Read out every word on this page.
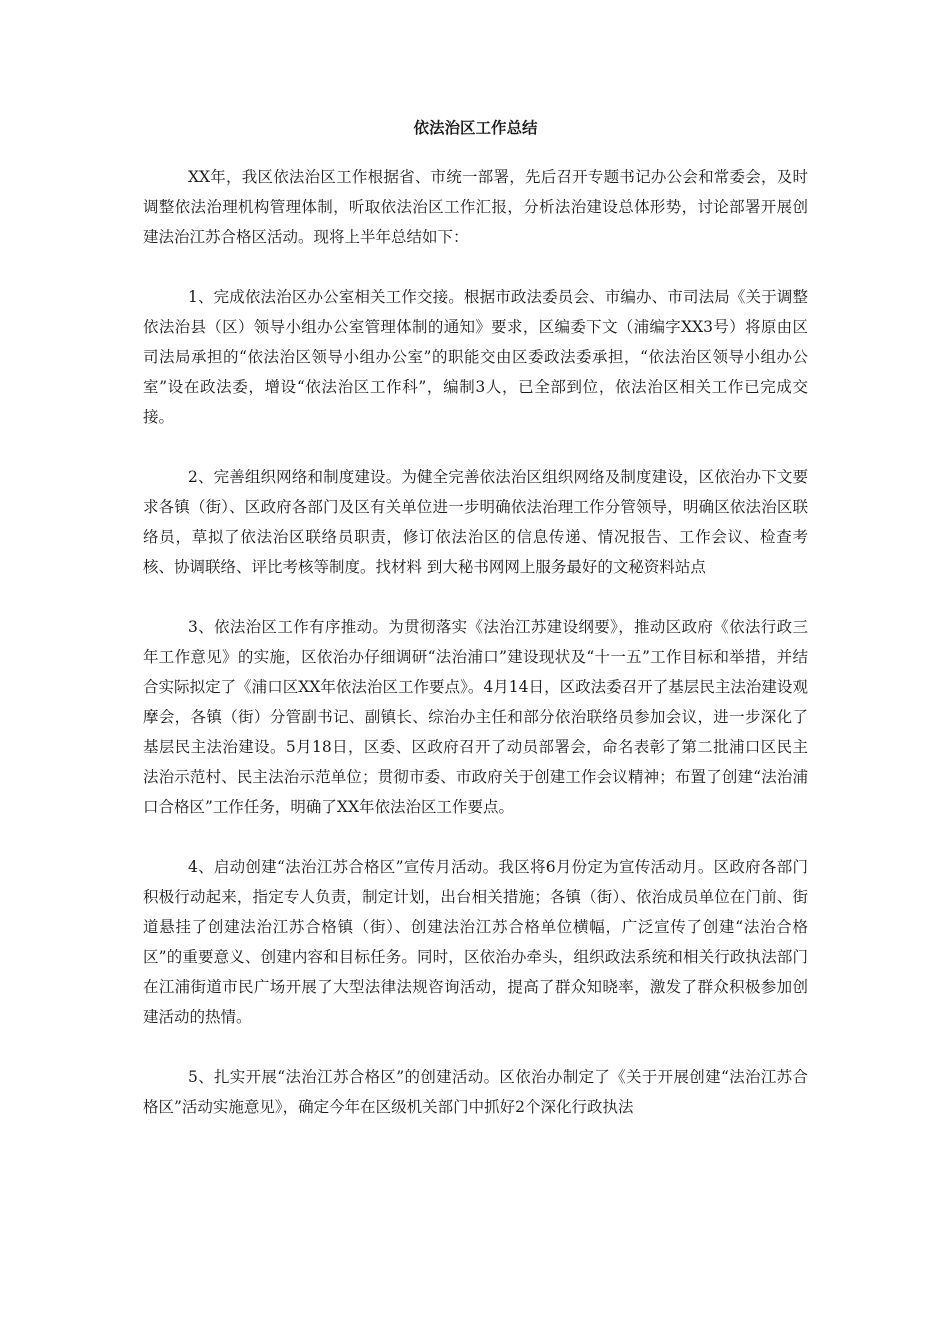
依法治区工作总结

XX年，我区依法治区工作根据省、市统一部署，先后召开专题书记办公会和常委会，及时调整依法治理机构管理体制，听取依法治区工作汇报，分析法治建设总体形势，讨论部署开展创建法治江苏合格区活动。现将上半年总结如下：

1、完成依法治区办公室相关工作交接。根据市政法委员会、市编办、市司法局《关于调整依法治县（区）领导小组办公室管理体制的通知》要求，区编委下文（浦编字XX3号）将原由区司法局承担的“依法治区领导小组办公室”的职能交由区委政法委承担，“依法治区领导小组办公室”设在政法委，增设“依法治区工作科”，编制3人，已全部到位，依法治区相关工作已完成交接。

2、完善组织网络和制度建设。为健全完善依法治区组织网络及制度建设，区依治办下文要求各镇（街）、区政府各部门及区有关单位进一步明确依法治理工作分管领导，明确区依法治区联络员，草拟了依法治区联络员职责，修订依法治区的信息传递、情况报告、工作会议、检查考核、协调联络、评比考核等制度。找材料 到大秘书网网上服务最好的文秘资料站点

3、依法治区工作有序推动。为贯彻落实《法治江苏建设纲要》，推动区政府《依法行政三年工作意见》的实施，区依治办仔细调研“法治浦口”建设现状及“十一五”工作目标和举措，并结合实际拟定了《浦口区XX年依法治区工作要点》。4月14日，区政法委召开了基层民主法治建设观摩会，各镇（街）分管副书记、副镇长、综治办主任和部分依治联络员参加会议，进一步深化了基层民主法治建设。5月18日，区委、区政府召开了动员部署会，命名表彰了第二批浦口区民主法治示范村、民主法治示范单位；贯彻市委、市政府关于创建工作会议精神；布置了创建“法治浦口合格区”工作任务，明确了XX年依法治区工作要点。

4、启动创建“法治江苏合格区”宣传月活动。我区将6月份定为宣传活动月。区政府各部门积极行动起来，指定专人负责，制定计划，出台相关措施；各镇（街）、依治成员单位在门前、街道悬挂了创建法治江苏合格镇（街）、创建法治江苏合格单位横幅，广泛宣传了创建“法治合格区”的重要意义、创建内容和目标任务。同时，区依治办牵头，组织政法系统和相关行政执法部门在江浦街道市民广场开展了大型法律法规咨询活动，提高了群众知晓率，激发了群众积极参加创建活动的热情。

5、扎实开展“法治江苏合格区”的创建活动。区依治办制定了《关于开展创建“法治江苏合格区”活动实施意见》，确定今年在区级机关部门中抓好2个深化行政执法
